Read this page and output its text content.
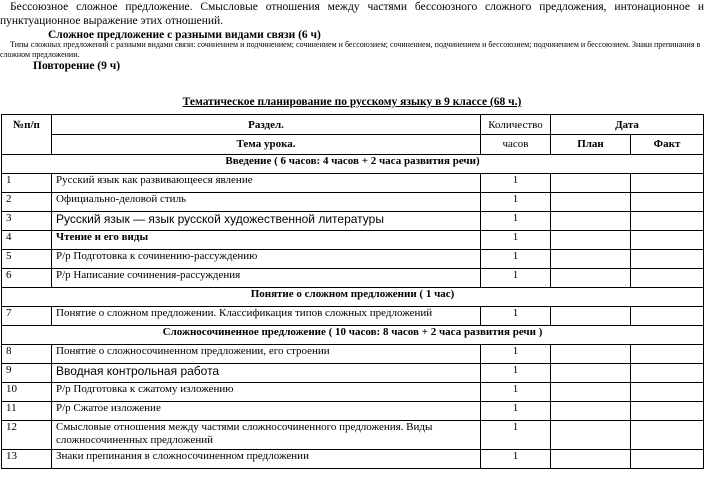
Бессоюзное сложное предложение. Смысловые отношения между частями бессоюзного сложного предложения, интонационное и пунктуационное выражение этих отношений.
Сложное предложение с разными видами связи (6 ч)
Типы сложных предложений с разными видами связи: сочинением и подчинением; сочинением и бессоюзием; сочинением, подчинением и бессоюзием; подчинением и бессоюзием. Знаки препинания в сложном предложении.
Повторение (9 ч)
Тематическое планирование по русскому языку в 9 классе (68 ч.)
№п/п	Раздел.	Количество	Дата	
	Тема урока.	часов	План	Факт
Введение ( 6 часов: 4 часов + 2 часа развития речи)				
1	Русский язык как развивающееся явление	1		
2	Официально-деловой стиль	1		
3	Русский язык — язык русской художественной литературы	1		
4	Чтение и его виды	1		
5	Р/р Подготовка к сочинению-рассуждению	1		
6	Р/р Написание сочинения-рассуждения	1		
Понятие о сложном предложении ( 1 час)				
7	Понятие о сложном предложении. Классификация типов сложных предложений	1		
Сложносочиненное предложение ( 10 часов: 8 часов + 2 часа развития речи )				
8	Понятие о сложносочиненном предложении, его строении	1		
9	Вводная контрольная работа	1		
10	Р/р Подготовка к сжатому изложению	1		
11	Р/р Сжатое изложение	1		
12	Смысловые отношения между частями сложносочиненного предложения. Виды сложносочиненных предложений	1		
13	Знаки препинания в сложносочиненном предложении	1		
